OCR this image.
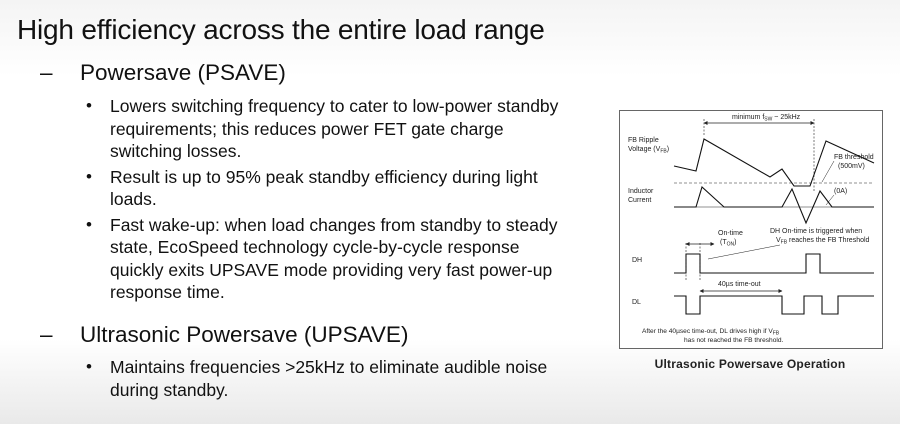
High efficiency across the entire load range
– Powersave (PSAVE)
• Lowers switching frequency to cater to low-power standby requirements; this reduces power FET gate charge switching losses.
• Result is up to 95% peak standby efficiency during light loads.
• Fast wake-up: when load changes from standby to steady state, EcoSpeed technology cycle-by-cycle response quickly exits UPSAVE mode providing very fast power-up response time.
– Ultrasonic Powersave (UPSAVE)
• Maintains frequencies >25kHz to eliminate audible noise during standby.
minimum $f_{SW}$ ~ 25kHz
FB Ripple
Voltage $(V_{FB})$
FB threshold
(500mV)
Inductor
Current
(0A)
On-time
$(T_{ON})$
DH On-time is triggered when
$V_{FB}$ reaches the FB Threshold
DH
40µs time-out
DL
After the 40µsec time-out, DL drives high if $V_{FB}$
has not reached the FB threshold.
Ultrasonic Powersave Operation
